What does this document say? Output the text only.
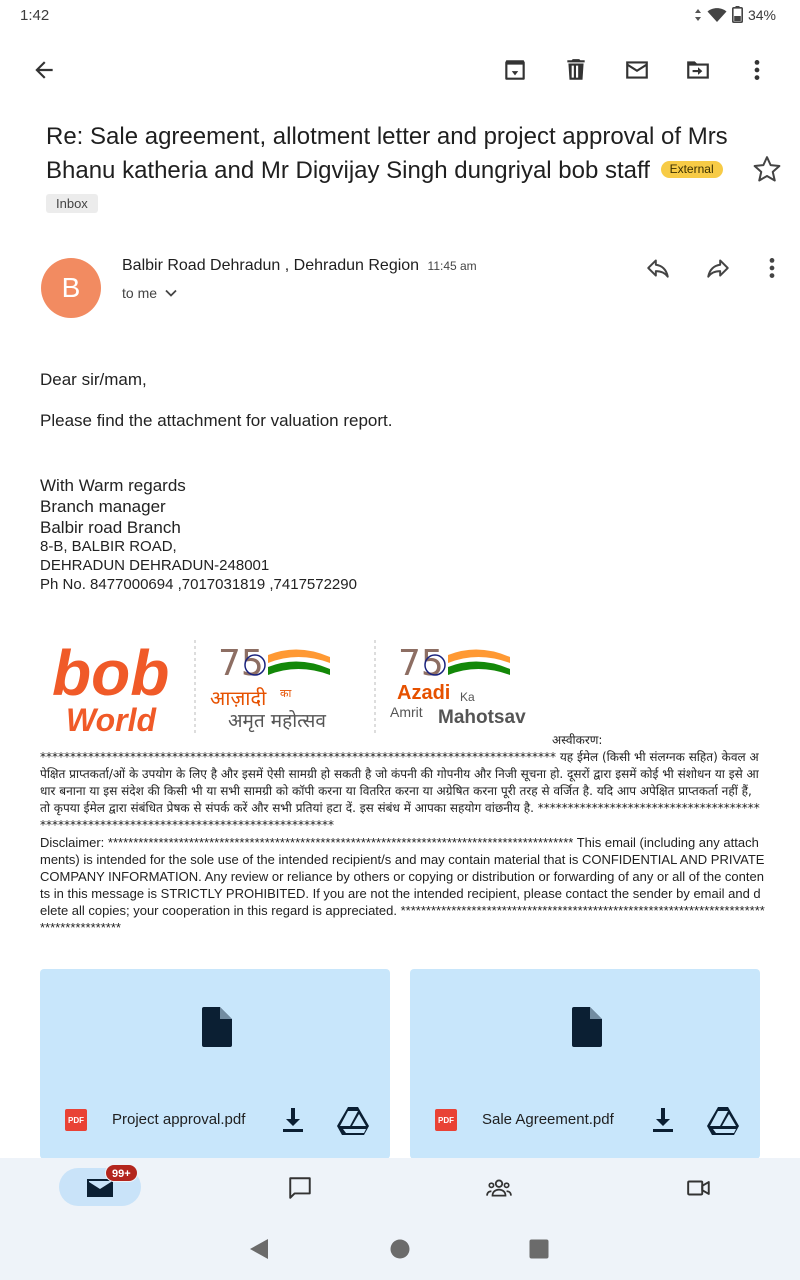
1:42	34%
Re: Sale agreement, allotment letter and project approval of Mrs Bhanu katheria and Mr Digvijay Singh dungriyal bob staff External
Inbox
B
Balbir Road Dehradun , Dehradun Region 11:45 am
to me
Dear sir/mam,
Please find the attachment for valuation report.
With Warm regards
Branch manager
Balbir road Branch
8-B, BALBIR ROAD,
DEHRADUN DEHRADUN-248001
Ph No. 8477000694 ,7017031819 ,7417572290
bob
World
75
आज़ादी का
अमृत महोत्सव
75
Azadi Ka
Amrit Mahotsav
अस्वीकरण:
************************************************************************************** यह ईमेल (किसी भी संलग्नक सहित) केवल अपेक्षित प्राप्तकर्ता/ओं के उपयोग के लिए है और इसमें ऐसी सामग्री हो सकती है जो कंपनी की गोपनीय और निजी सूचना हो. दूसरों द्वारा इसमें कोई भी संशोधन या इसे आधार बनाना या इस संदेश की किसी भी या सभी सामग्री को कॉपी करना या वितरित करना या अग्रेषित करना पूरी तरह से वर्जित है. यदि आप अपेक्षित प्राप्तकर्ता नहीं हैं, तो कृपया ईमेल द्वारा संबंधित प्रेषक से संपर्क करें और सभी प्रतियां हटा दें. इस संबंध में आपका सहयोग वांछनीय है. **************************************************************************************
Disclaimer: ******************************************************************************************** This email (including any attachments) is intended for the sole use of the intended recipient/s and may contain material that is CONFIDENTIAL AND PRIVATE COMPANY INFORMATION. Any review or reliance by others or copying or distribution or forwarding of any or all of the contents in this message is STRICTLY PROHIBITED. If you are not the intended recipient, please contact the sender by email and delete all copies; your cooperation in this regard is appreciated. ****************************************************************************************
PDF Project approval.pdf	PDF Sale Agreement.pdf
99+
